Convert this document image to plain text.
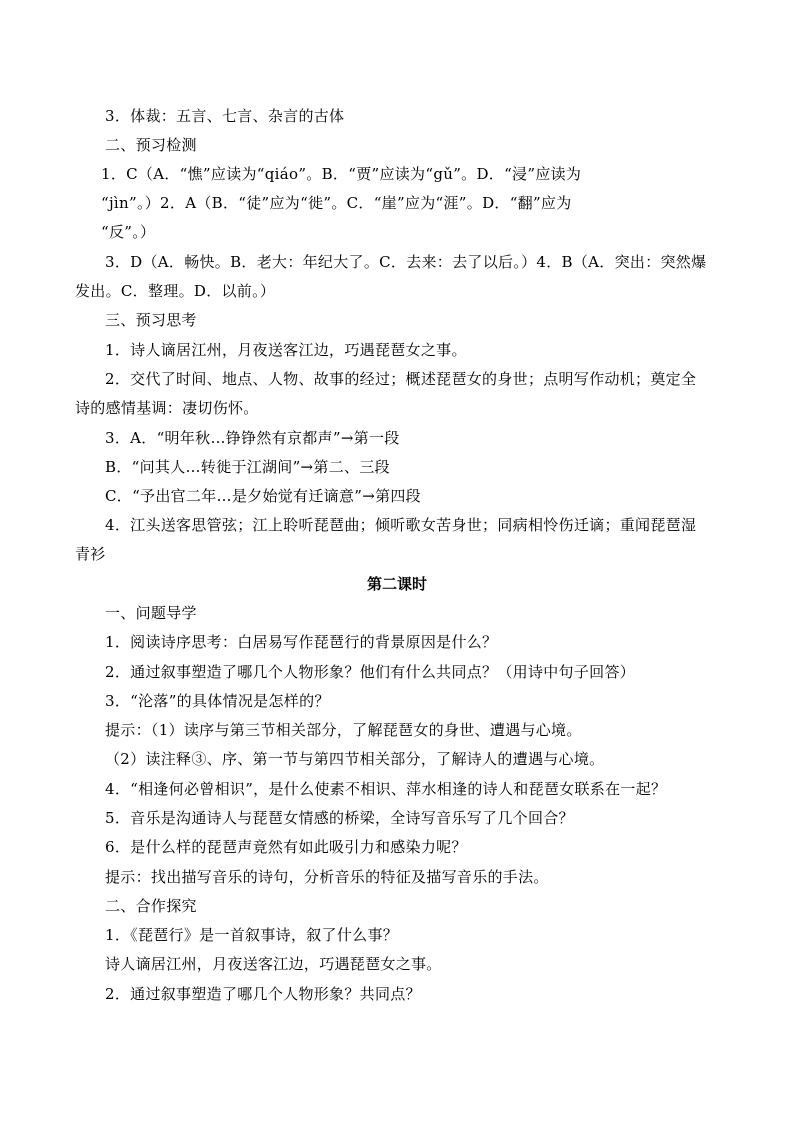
3．体裁：五言、七言、杂言的古体
二、预习检测
1．C（A．“憔”应读为“qiáo”。B．“贾”应读为“gǔ”。D．“浸”应读为
“jìn”。）2．A（B．“徒”应为“徙”。C．“崖”应为“涯”。D．“翻”应为
“反”。）
3．D（A．畅快。B．老大：年纪大了。C．去来：去了以后。）4．B（A．突出：突然爆
发出。C．整理。D．以前。）
三、预习思考
1．诗人谪居江州，月夜送客江边，巧遇琵琶女之事。
2．交代了时间、地点、人物、故事的经过；概述琵琶女的身世；点明写作动机；奠定全
诗的感情基调：凄切伤怀。
3．A．“明年秋…铮铮然有京都声”→第一段
B．“问其人…转徙于江湖间”→第二、三段
C．“予出官二年…是夕始觉有迁谪意”→第四段
4．江头送客思管弦；江上聆听琵琶曲；倾听歌女苦身世；同病相怜伤迁谪；重闻琵琶湿
青衫
第二课时
一、问题导学
1．阅读诗序思考：白居易写作琵琶行的背景原因是什么？
2．通过叙事塑造了哪几个人物形象？他们有什么共同点？（用诗中句子回答）
3．“沦落”的具体情况是怎样的？
提示：（1）读序与第三节相关部分，了解琵琶女的身世、遭遇与心境。
（2）读注释③、序、第一节与第四节相关部分，了解诗人的遭遇与心境。
4．“相逢何必曾相识”，是什么使素不相识、萍水相逢的诗人和琵琶女联系在一起？
5．音乐是沟通诗人与琵琶女情感的桥梁，全诗写音乐写了几个回合？
6．是什么样的琵琶声竟然有如此吸引力和感染力呢？
提示：找出描写音乐的诗句，分析音乐的特征及描写音乐的手法。
二、合作探究
1．《琵琶行》是一首叙事诗，叙了什么事？
诗人谪居江州，月夜送客江边，巧遇琵琶女之事。
2．通过叙事塑造了哪几个人物形象？共同点？
